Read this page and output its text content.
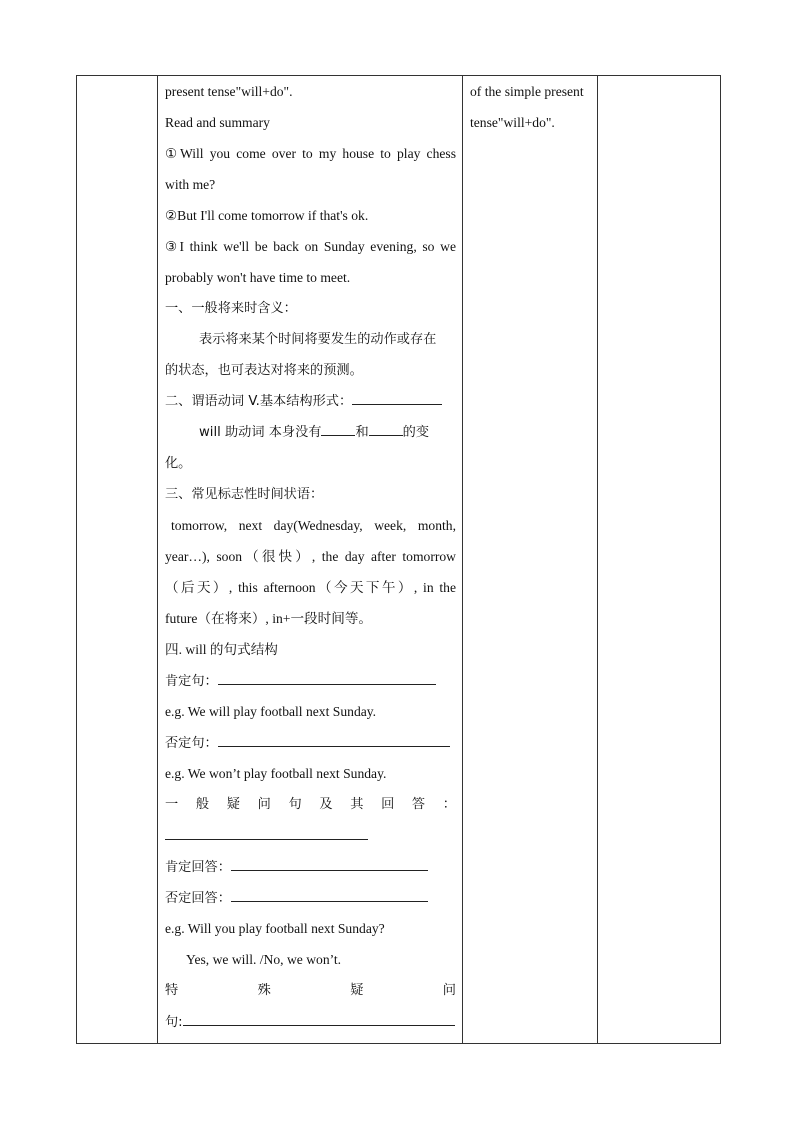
present tense"will+do".
Read and summary
①Will you come over to my house to play chess
with me?
②But I'll come tomorrow if that's ok.
③I think we'll be back on Sunday evening, so we
probably won't have time to meet.
一、一般将来时含义：
表示将来某个时间将要发生的动作或存在
的状态，也可表达对将来的预测。
二、谓语动词 V.基本结构形式：
will 助动词 本身没有	和	的变
化。
三、常见标志性时间状语：
tomorrow, next day(Wednesday, week, month,
year…), soon（很快）, the day after tomorrow
（后天）, this afternoon（今天下午）, in the
future（在将来）, in+一段时间等。
四. will 的句式结构
肯定句：
e.g. We will play football next Sunday.
否定句：
e.g. We won’t play football next Sunday.
一 般 疑 问 句 及 其 回 答 ：
肯定回答：
否定回答：
e.g. Will you play football next Sunday?
Yes, we will. /No, we won’t.
特 殊 疑 问
句:

of the simple present
tense"will+do".
